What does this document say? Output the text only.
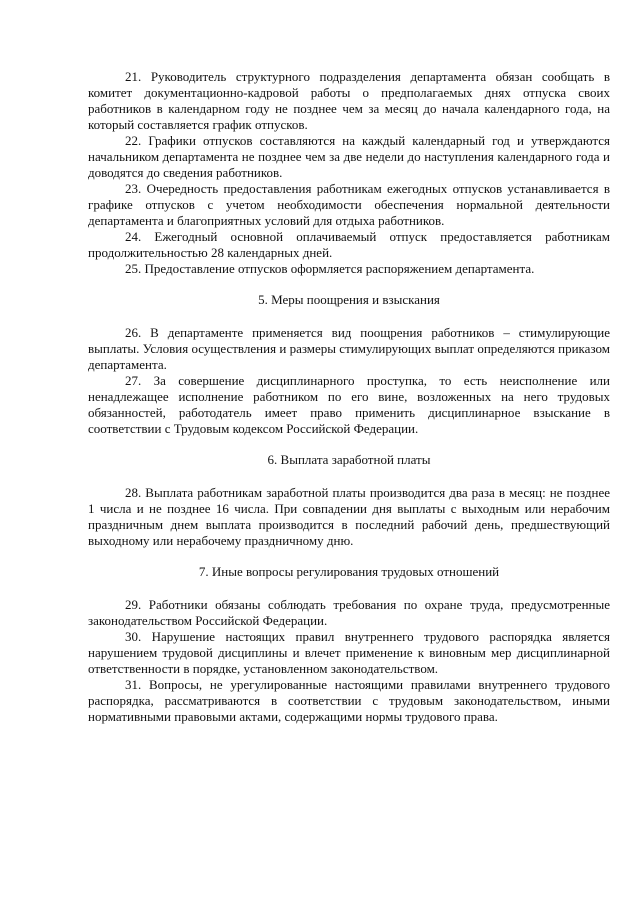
21. Руководитель структурного подразделения департамента обязан сообщать в комитет документационно-кадровой работы о предполагаемых днях отпуска своих работников в календарном году не позднее чем за месяц до начала календарного года, на который составляется график отпусков.

22. Графики отпусков составляются на каждый календарный год и утверждаются начальником департамента не позднее чем за две недели до наступления календарного года и доводятся до сведения работников.

23. Очередность предоставления работникам ежегодных отпусков устанавливается в графике отпусков с учетом необходимости обеспечения нормальной деятельности департамента и благоприятных условий для отдыха работников.

24. Ежегодный основной оплачиваемый отпуск предоставляется работникам продолжительностью 28 календарных дней.

25. Предоставление отпусков оформляется распоряжением департамента.

5. Меры поощрения и взыскания

26. В департаменте применяется вид поощрения работников – стимулирующие выплаты. Условия осуществления и размеры стимулирующих выплат определяются приказом департамента.

27. За совершение дисциплинарного проступка, то есть неисполнение или ненадлежащее исполнение работником по его вине, возложенных на него трудовых обязанностей, работодатель имеет право применить дисциплинарное взыскание в соответствии с Трудовым кодексом Российской Федерации.

6. Выплата заработной платы

28. Выплата работникам заработной платы производится два раза в месяц: не позднее 1 числа и не позднее 16 числа. При совпадении дня выплаты с выходным или нерабочим праздничным днем выплата производится в последний рабочий день, предшествующий выходному или нерабочему праздничному дню.

7. Иные вопросы регулирования трудовых отношений

29. Работники обязаны соблюдать требования по охране труда, предусмотренные законодательством Российской Федерации.

30. Нарушение настоящих правил внутреннего трудового распорядка является нарушением трудовой дисциплины и влечет применение к виновным мер дисциплинарной ответственности в порядке, установленном законодательством.

31. Вопросы, не урегулированные настоящими правилами внутреннего трудового распорядка, рассматриваются в соответствии с трудовым законодательством, иными нормативными правовыми актами, содержащими нормы трудового права.
